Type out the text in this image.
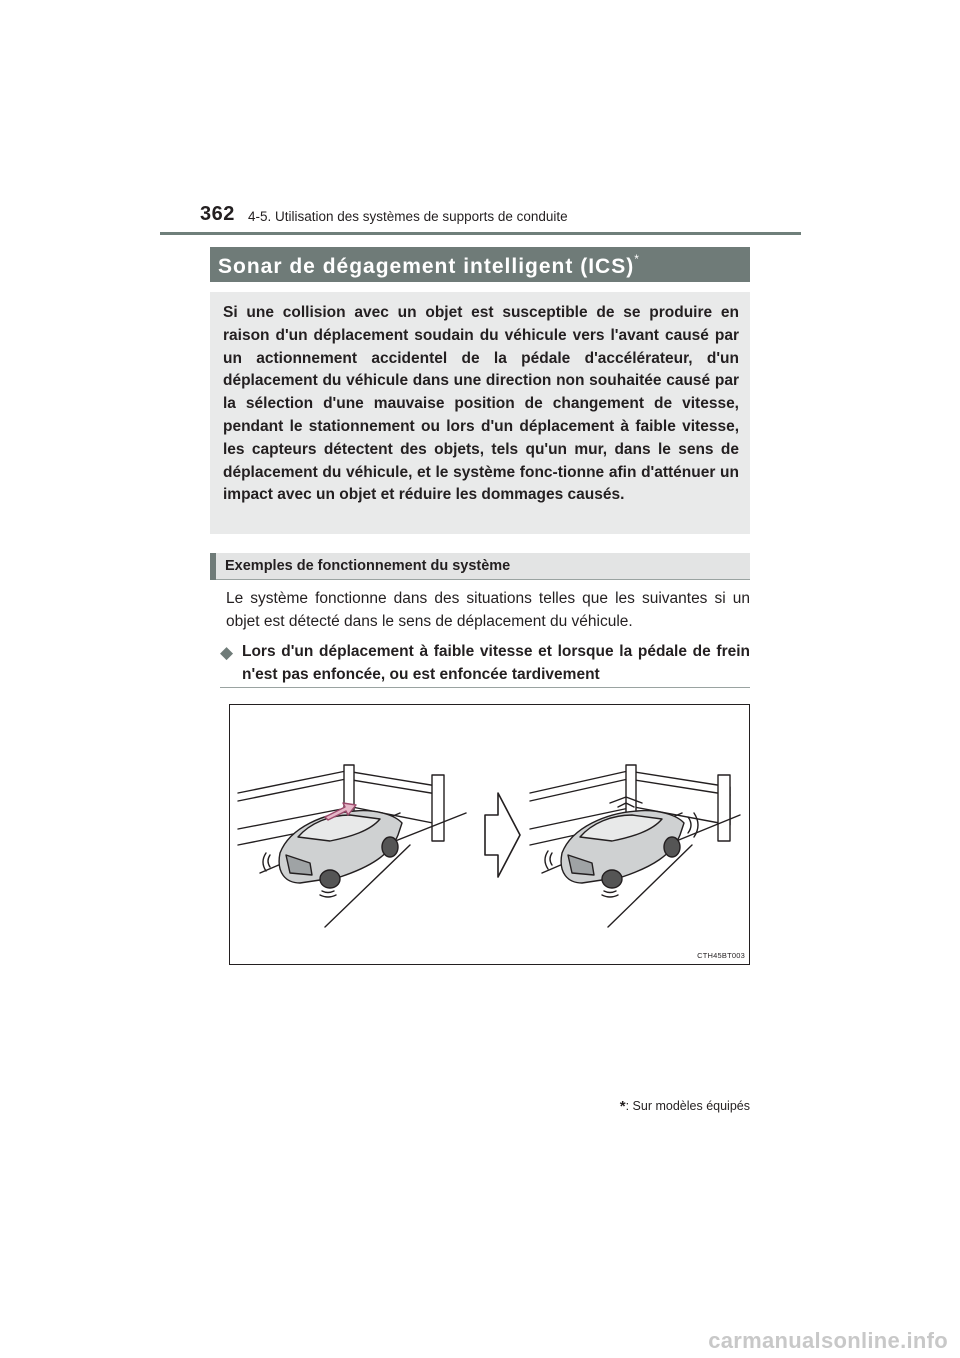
362 4-5. Utilisation des systèmes de supports de conduite
Sonar de dégagement intelligent (ICS)*
Si une collision avec un objet est susceptible de se produire en raison d'un déplacement soudain du véhicule vers l'avant causé par un actionnement accidentel de la pédale d'accélérateur, d'un déplacement du véhicule dans une direction non souhaitée causé par la sélection d'une mauvaise position de changement de vitesse, pendant le stationnement ou lors d'un déplacement à faible vitesse, les capteurs détectent des objets, tels qu'un mur, dans le sens de déplacement du véhicule, et le système fonc-tionne afin d'atténuer un impact avec un objet et réduire les dommages causés.
Exemples de fonctionnement du système
Le système fonctionne dans des situations telles que les suivantes si un objet est détecté dans le sens de déplacement du véhicule.
◆ Lors d'un déplacement à faible vitesse et lorsque la pédale de frein n'est pas enfoncée, ou est enfoncée tardivement
CTH45BT003
*: Sur modèles équipés
carmanualsonline.info
